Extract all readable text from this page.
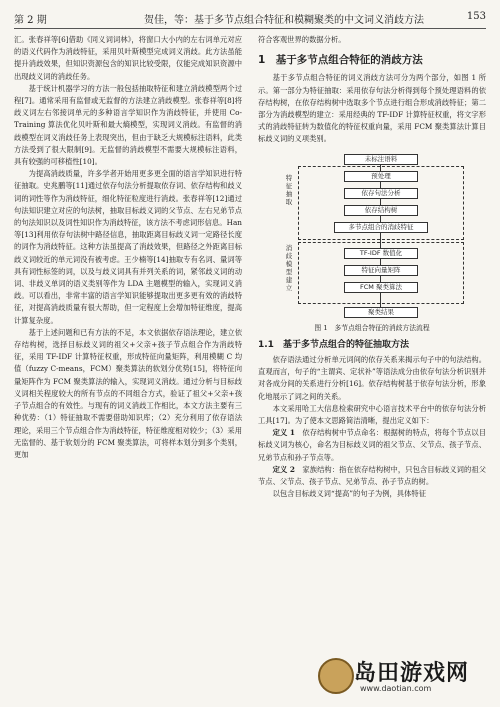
第 2 期	贺佳，等：基于多节点组合特征和模糊聚类的中文词义消歧方法	153

汇。张春祥等[6]借助《同义词词林》，将窗口大小内的左右词单元对应的语义代码作为消歧特征，采用贝叶斯模型完成词义消歧。此方法虽能提升消歧效果，但知识资源包含的知识比较受限，仅能完成知识资源中出现歧义词的消歧任务。

基于统计机器学习的方法一般包括抽取特征和建立消歧模型两个过程[7]。通常采用有监督或无监督的方法建立消歧模型。张春祥等[8]将歧义词左右邻接词单元的多种语言学知识作为消歧特征，并使用 Co-Training 算法优化贝叶斯和最大熵模型，实现词义消歧。有监督的消歧模型在词义消歧任务上表现突出，但由于缺乏大规模标注语料，此类方法受到了很大限制[9]。无监督的消歧模型不需要大规模标注语料，具有较强的可移植性[10]。

为提高消歧质量，许多学者开始用更多更全面的语言学知识进行特征抽取。史兆鹏等[11]通过依存句法分析提取依存词、依存结构和歧义词的词性等作为消歧特征，细化特征粒度进行消歧。张春祥等[12]通过句法知识建立对应的句法树，抽取目标歧义词的父节点、左右兄弟节点的句法知识以及词性知识作为消歧特征，该方法不考虑词形信息。Han 等[13]利用依存句法树中路径信息，抽取距离目标歧义词一定路径长度的词作为消歧特征。这种方法虽提高了消歧效果，但路径之外距离目标歧义词较近的单元词没有被考虑。王少楠等[14]抽取专有名词、量词等具有词性标签的词，以及与歧义词具有并列关系的词，紧邻歧义词的动词、非歧义单词的语义类别等作为 LDA 主题模型的输入，实现词义消歧。可以看出，非常丰富的语言学知识能够提取出更多更有效的消歧特征，对提高消歧质量有很大帮助，但一定程度上会增加特征维度，提高计算复杂度。

基于上述问题和已有方法的不足，本文依据依存语法理论，建立依存结构树，选择目标歧义词的祖父+父亲+孩子节点组合作为消歧特征，采用 TF-IDF 计算特征权重，形成特征向量矩阵，利用模糊 C 均值（fuzzy C-means，FCM）聚类算法的软划分优势[15]，将特征向量矩阵作为 FCM 聚类算法的输入，实现词义消歧。通过分析与目标歧义词相关程度较大的所有节点的不同组合方式，验证了祖父+父亲+孩子节点组合的有效性。与现有的词义消歧工作相比，本文方法主要有三种优势：（1）特征抽取不需要借助知识库；（2）充分利用了依存语法理论，采用三个节点组合作为消歧特征，特征维度相对较少；（3）采用无监督的、基于软划分的 FCM 聚类算法，可将样本划分到多个类别，更加

符合客观世界的数据分析。

1　基于多节点组合特征的消歧方法

基于多节点组合特征的词义消歧方法可分为两个部分，如图 1 所示。第一部分为特征抽取：采用依存句法分析得到每个预处理语料的依存结构树，在依存结构树中选取多个节点进行组合形成消歧特征；第二部分为消歧模型的建立：采用经典的 TF-IDF 计算特征权重，将文字形式的消歧特征转为数值化的特征权重向量，采用 FCM 聚类算法计算目标歧义词的义项类别。

特征抽取
消歧模型建立
未标注语料
预处理
依存句法分析
依存结构树
多节点组合的消歧特征
TF-IDF 数值化
特征向量矩阵
FCM 聚类算法
聚类结果

图 1　多节点组合特征的消歧方法流程

1.1　基于多节点组合的特征抽取方法

依存语法通过分析单元词间的依存关系来揭示句子中的句法结构。直观而言，句子的“主谓宾、定状补”等语法成分由依存句法分析识别并对各成分间的关系进行分析[16]。依存结构树基于依存句法分析，形象化地展示了词之间的关系。

本文采用哈工大信息检索研究中心语言技术平台中的依存句法分析工具[17]。为了使本文思路简洁清晰，提出定义如下：

定义 1　 依存结构树中节点命名：根据树的特点，将每个节点以目标歧义词为核心，命名为目标歧义词的祖父节点、父节点、孩子节点、兄弟节点和孙子节点等。

定义 2　 家族结构：指在依存结构树中，只包含目标歧义词的祖父节点、父节点、孩子节点、兄弟节点、孙子节点的树。

以包含目标歧义词“提高”的句子为例，具体特征

岛田游戏网
www.daotian.com
